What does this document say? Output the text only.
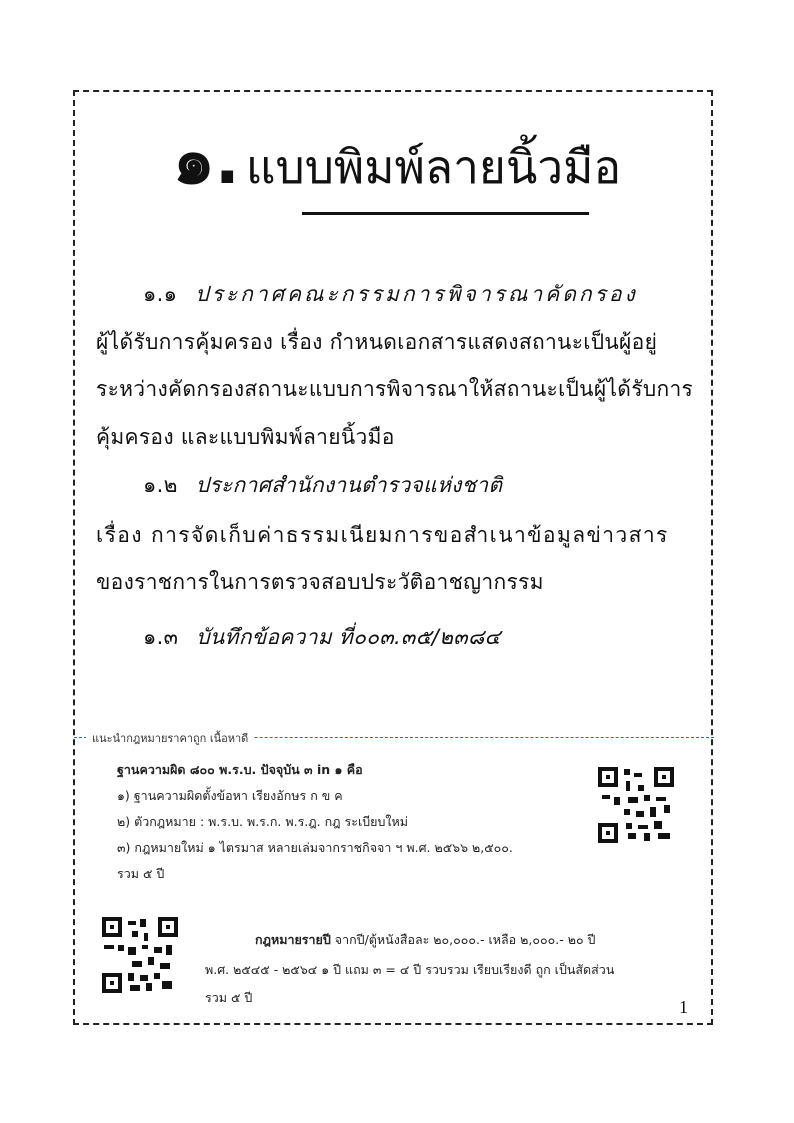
๑. แบบพิมพ์ลายนิ้วมือ
๑.๑ ประกาศคณะกรรมการพิจารณาคัดกรอง
ผู้ได้รับการคุ้มครอง เรื่อง กำหนดเอกสารแสดงสถานะเป็นผู้อยู่
ระหว่างคัดกรองสถานะแบบการพิจารณาให้สถานะเป็นผู้ได้รับการ
คุ้มครอง และแบบพิมพ์ลายนิ้วมือ
๑.๒ ประกาศสำนักงานตำรวจแห่งชาติ
เรื่อง การจัดเก็บค่าธรรมเนียมการขอสำเนาข้อมูลข่าวสาร
ของราชการในการตรวจสอบประวัติอาชญากรรม
๑.๓ บันทึกข้อความ ที่๐๐๓.๓๕/๒๓๘๔
แนะนำกฎหมายราคาถูก เนื้อหาดี
ฐานความผิด ๘๐๐ พ.ร.บ. ปัจจุบัน ๓ in ๑ คือ
๑) ฐานความผิดตั้งข้อหา เรียงอักษร ก ข ค
๒) ตัวกฎหมาย : พ.ร.บ. พ.ร.ก. พ.ร.ฎ. กฎ ระเบียบใหม่
๓) กฎหมายใหม่ ๑ ไตรมาส หลายเล่มจากราชกิจจา ฯ พ.ศ. ๒๕๖๖ ๒,๕๐๐.
รวม ๕ ปี
กฎหมายรายปี จากปี/ตู้หนังสือละ ๒๐,๐๐๐.- เหลือ ๒,๐๐๐.- ๒๐ ปี
พ.ศ. ๒๕๔๕ - ๒๕๖๔ ๑ ปี แถม ๓ = ๔ ปี รวบรวม เรียบเรียงดี ถูก เป็นสัดส่วน
รวม ๕ ปี	1
